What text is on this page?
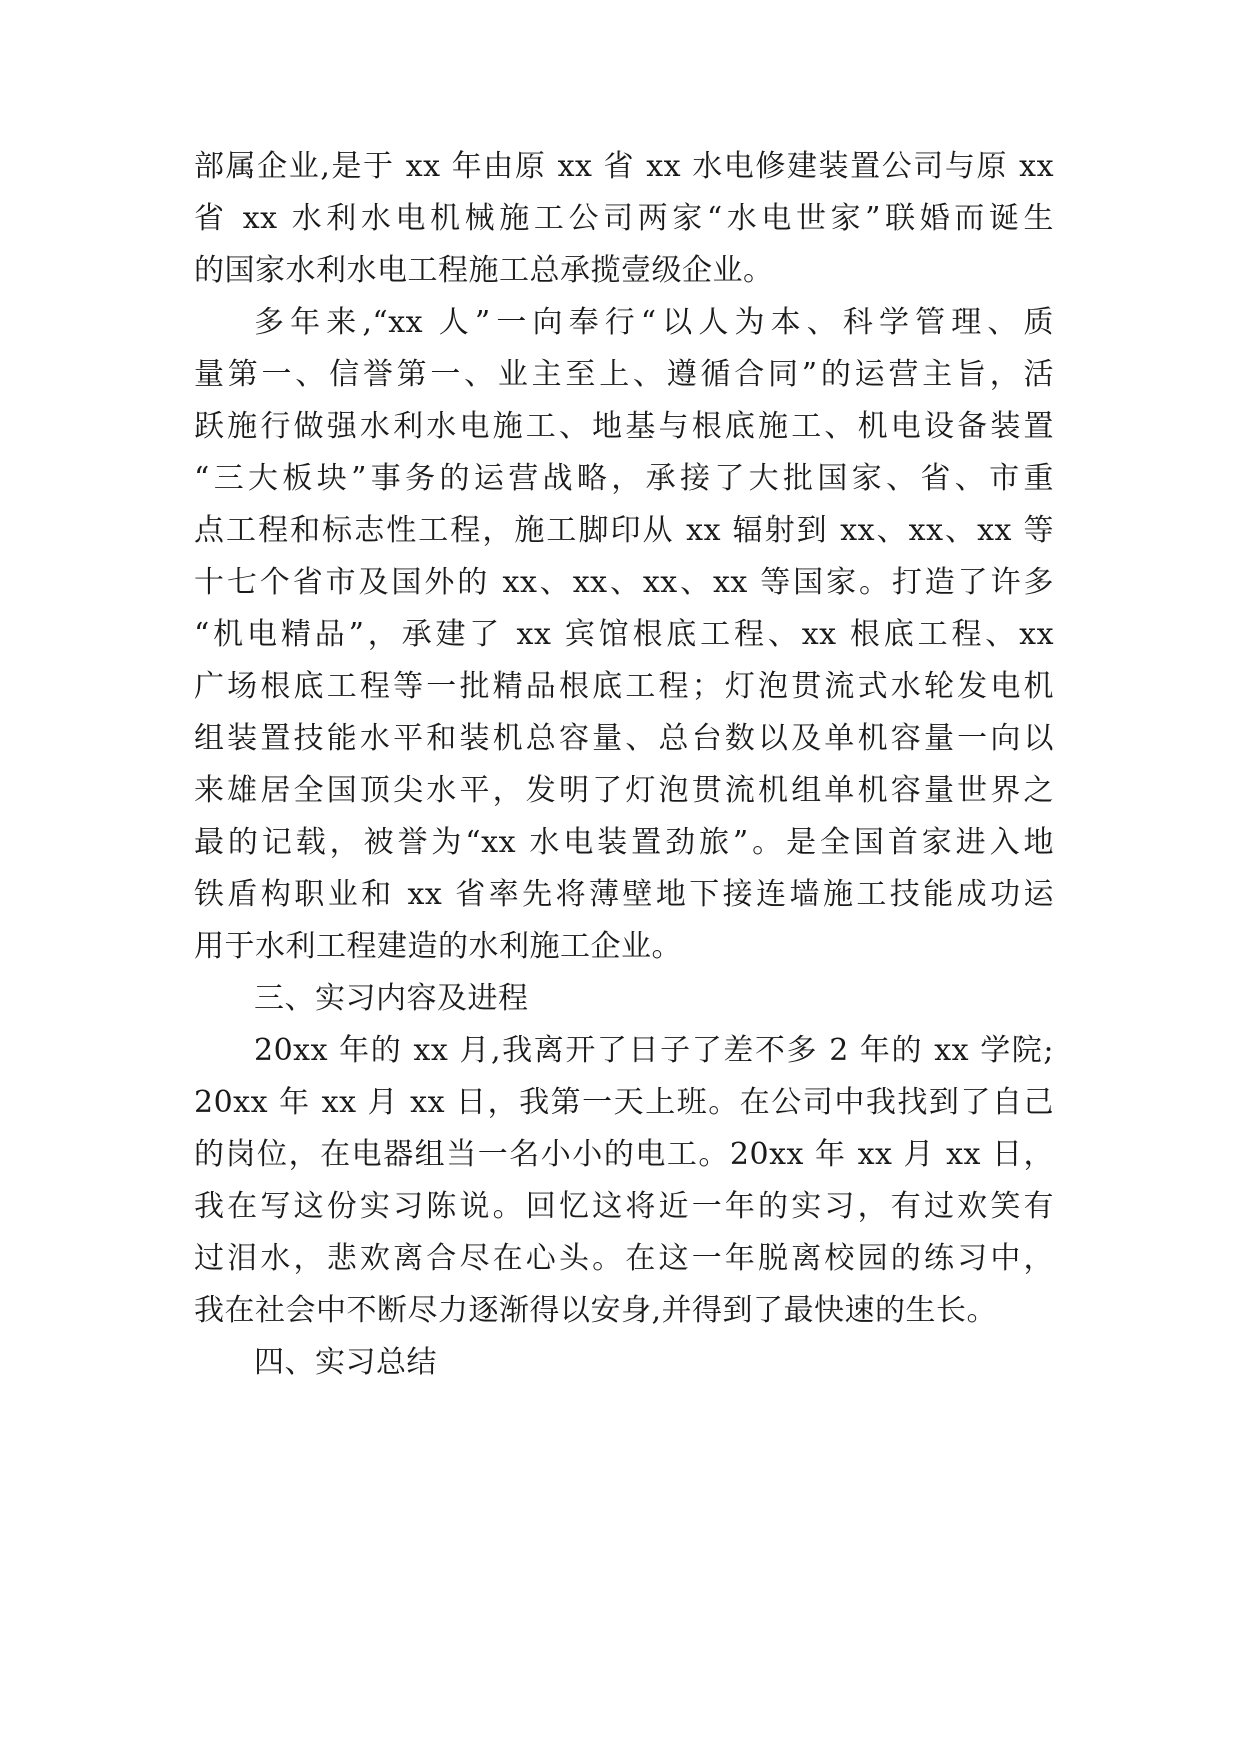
部属企业,是于 xx 年由原 xx 省 xx 水电修建装置公司与原 xx
省 xx 水利水电机械施工公司两家“水电世家”联婚而诞生
的国家水利水电工程施工总承揽壹级企业。
多年来,“xx 人”一向奉行“以人为本、科学管理、质
量第一、信誉第一、业主至上、遵循合同”的运营主旨，活
跃施行做强水利水电施工、地基与根底施工、机电设备装置
“三大板块”事务的运营战略，承接了大批国家、省、市重
点工程和标志性工程，施工脚印从 xx 辐射到 xx、xx、xx 等
十七个省市及国外的 xx、xx、xx、xx 等国家。打造了许多
“机电精品”，承建了 xx 宾馆根底工程、xx 根底工程、xx
广场根底工程等一批精品根底工程；灯泡贯流式水轮发电机
组装置技能水平和装机总容量、总台数以及单机容量一向以
来雄居全国顶尖水平，发明了灯泡贯流机组单机容量世界之
最的记载，被誉为“xx 水电装置劲旅”。是全国首家进入地
铁盾构职业和 xx 省率先将薄壁地下接连墙施工技能成功运
用于水利工程建造的水利施工企业。
三、实习内容及进程
20xx 年的 xx 月,我离开了日子了差不多 2 年的 xx 学院;
20xx 年 xx 月 xx 日，我第一天上班。在公司中我找到了自己
的岗位，在电器组当一名小小的电工。20xx 年 xx 月 xx 日，
我在写这份实习陈说。回忆这将近一年的实习，有过欢笑有
过泪水，悲欢离合尽在心头。在这一年脱离校园的练习中，
我在社会中不断尽力逐渐得以安身,并得到了最快速的生长。
四、实习总结
